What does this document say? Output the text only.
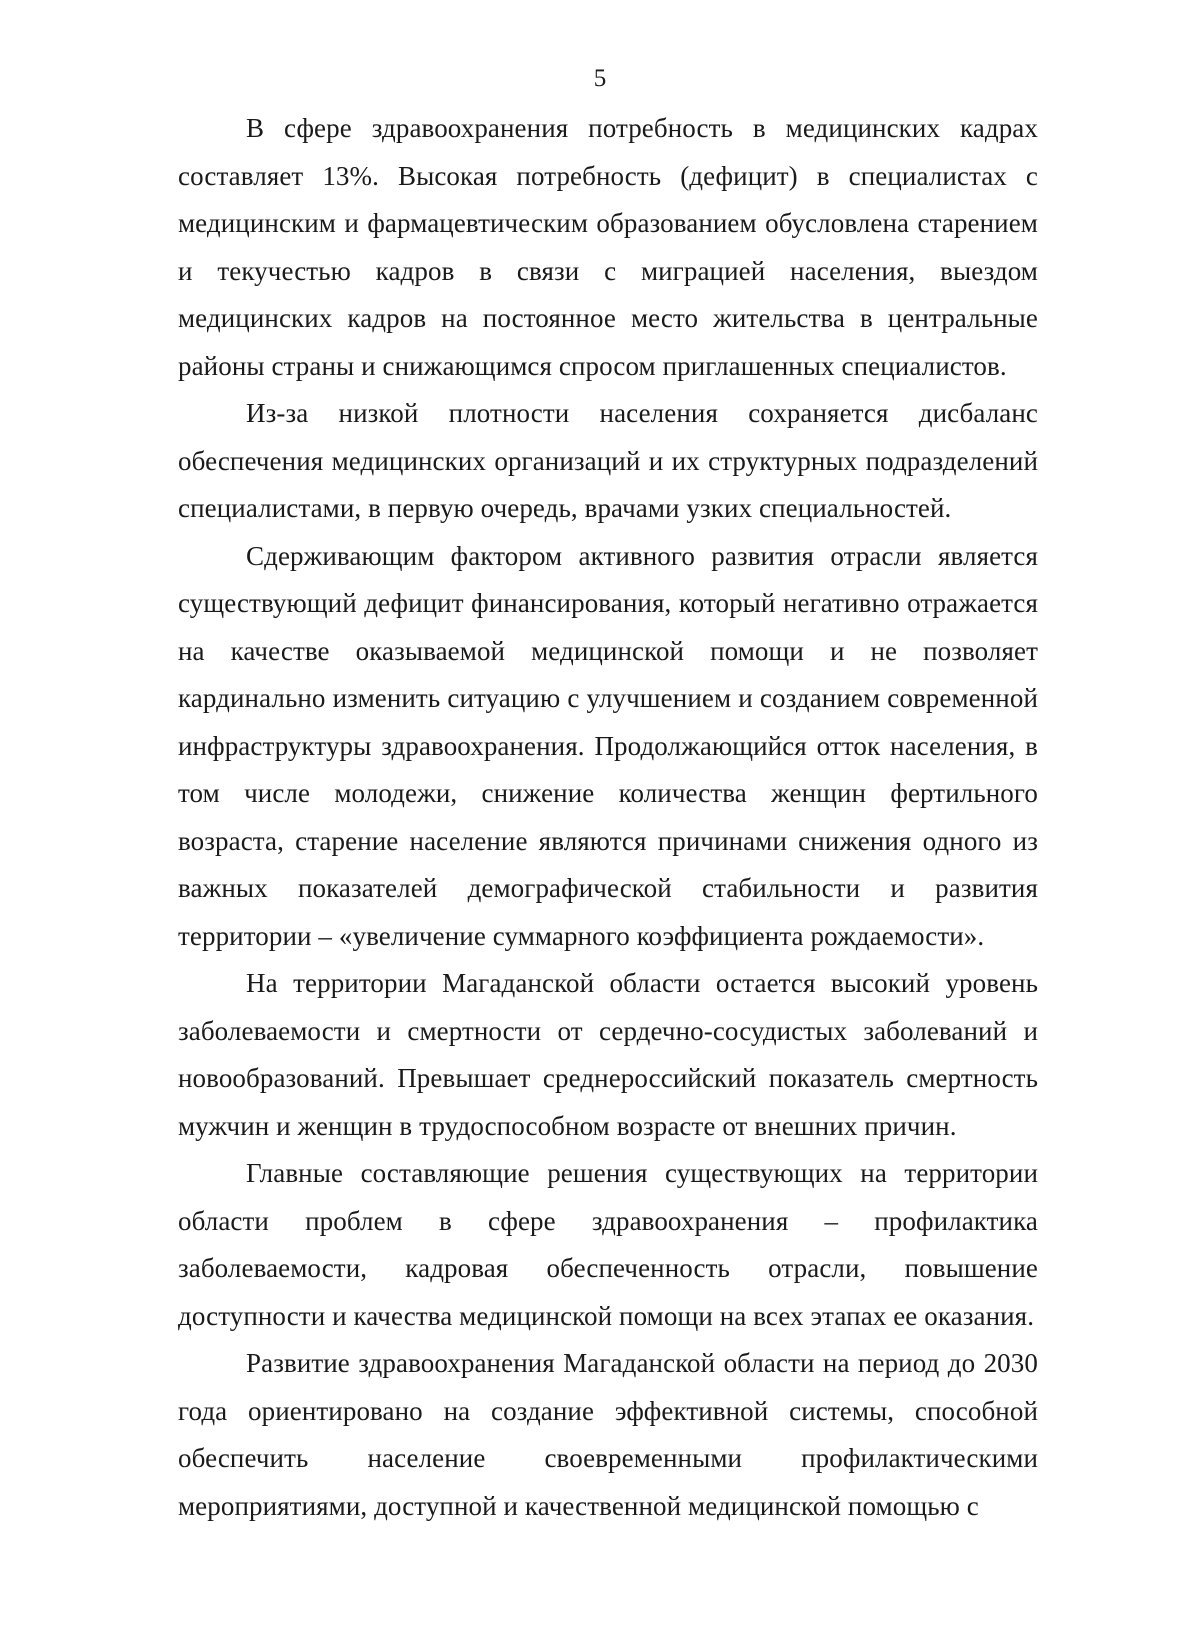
5

В сфере здравоохранения потребность в медицинских кадрах составляет 13%. Высокая потребность (дефицит) в специалистах с медицинским и фармацевтическим образованием обусловлена старением и текучестью кадров в связи с миграцией населения, выездом медицинских кадров на постоянное место жительства в центральные районы страны и снижающимся спросом приглашенных специалистов.

Из-за низкой плотности населения сохраняется дисбаланс обеспечения медицинских организаций и их структурных подразделений специалистами, в первую очередь, врачами узких специальностей.

Сдерживающим фактором активного развития отрасли является существующий дефицит финансирования, который негативно отражается на качестве оказываемой медицинской помощи и не позволяет кардинально изменить ситуацию с улучшением и созданием современной инфраструктуры здравоохранения. Продолжающийся отток населения, в том числе молодежи, снижение количества женщин фертильного возраста, старение население являются причинами снижения одного из важных показателей демографической стабильности и развития территории – «увеличение суммарного коэффициента рождаемости».

На территории Магаданской области остается высокий уровень заболеваемости и смертности от сердечно-сосудистых заболеваний и новообразований. Превышает среднероссийский показатель смертность мужчин и женщин в трудоспособном возрасте от внешних причин.

Главные составляющие решения существующих на территории области проблем в сфере здравоохранения – профилактика заболеваемости, кадровая обеспеченность отрасли, повышение доступности и качества медицинской помощи на всех этапах ее оказания.

Развитие здравоохранения Магаданской области на период до 2030 года ориентировано на создание эффективной системы, способной обеспечить население своевременными профилактическими мероприятиями, доступной и качественной медицинской помощью с
